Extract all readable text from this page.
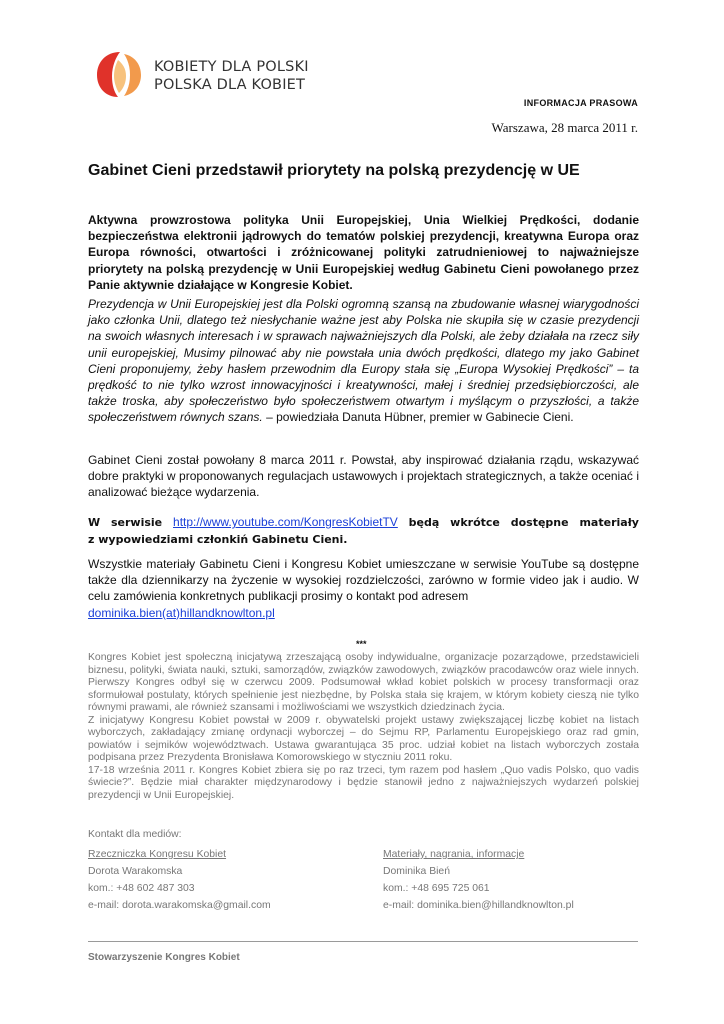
KOBIETY DLA POLSKI
POLSKA DLA KOBIET
INFORMACJA PRASOWA
Warszawa, 28 marca 2011 r.
Gabinet Cieni przedstawił priorytety na polską prezydencję w UE
Aktywna prowzrostowa polityka Unii Europejskiej, Unia Wielkiej Prędkości, dodanie bezpieczeństwa elektronii jądrowych do tematów polskiej prezydencji, kreatywna Europa oraz Europa równości, otwartości i zróżnicowanej polityki zatrudnieniowej to najważniejsze priorytety na polską prezydencję w Unii Europejskiej według Gabinetu Cieni powołanego przez Panie aktywnie działające w Kongresie Kobiet.
Prezydencja w Unii Europejskiej jest dla Polski ogromną szansą na zbudowanie własnej wiarygodności jako członka Unii, dlatego też niesłychanie ważne jest aby Polska nie skupiła się w czasie prezydencji na swoich własnych interesach i w sprawach najważniejszych dla Polski, ale żeby działała na rzecz siły unii europejskiej, Musimy pilnować aby nie powstała unia dwóch prędkości, dlatego my jako Gabinet Cieni proponujemy, żeby hasłem przewodnim dla Europy stała się „Europa Wysokiej Prędkości” – ta prędkość to nie tylko wzrost innowacyjności i kreatywności, małej i średniej przedsiębiorczości, ale także troska, aby społeczeństwo było społeczeństwem otwartym i myślącym o przyszłości, a także społeczeństwem równych szans. – powiedziała Danuta Hübner, premier w Gabinecie Cieni.
Gabinet Cieni został powołany 8 marca 2011 r. Powstał, aby inspirować działania rządu, wskazywać dobre praktyki w proponowanych regulacjach ustawowych i projektach strategicznych, a także oceniać i analizować bieżące wydarzenia.
W serwisie http://www.youtube.com/KongresKobietTV będą wkrótce dostępne materiały
z wypowiedziami członkiń Gabinetu Cieni.
Wszystkie materiały Gabinetu Cieni i Kongresu Kobiet umieszczane w serwisie YouTube są dostępne także dla dziennikarzy na życzenie w wysokiej rozdzielczości, zarówno w formie video jak i audio. W celu zamówienia konkretnych publikacji prosimy o kontakt pod adresem
dominika.bien(at)hillandknowlton.pl
***

Kongres Kobiet jest społeczną inicjatywą zrzeszającą osoby indywidualne, organizacje pozarządowe, przedstawicieli biznesu, polityki, świata nauki, sztuki, samorządów, związków zawodowych, związków pracodawców oraz wiele innych. Pierwszy Kongres odbył się w czerwcu 2009. Podsumował wkład kobiet polskich w procesy transformacji oraz sformułował postulaty, których spełnienie jest niezbędne, by Polska stała się krajem, w którym kobiety cieszą nie tylko równymi prawami, ale również szansami i możliwościami we wszystkich dziedzinach życia.

Z inicjatywy Kongresu Kobiet powstał w 2009 r. obywatelski projekt ustawy zwiększającej liczbę kobiet na listach wyborczych, zakładający zmianę ordynacji wyborczej – do Sejmu RP, Parlamentu Europejskiego oraz rad gmin, powiatów i sejmików województwach. Ustawa gwarantująca 35 proc. udział kobiet na listach wyborczych została podpisana przez Prezydenta Bronisława Komorowskiego w styczniu 2011 roku.

17-18 września 2011 r. Kongres Kobiet zbiera się po raz trzeci, tym razem pod hasłem „Quo vadis Polsko, quo vadis świecie?”. Będzie miał charakter międzynarodowy i będzie stanowił jedno z najważniejszych wydarzeń polskiej prezydencji w Unii Europejskiej.

Kontakt dla mediów:
Rzeczniczka Kongresu Kobiet
Dorota Warakomska
kom.: +48 602 487 303
e-mail: dorota.warakomska@gmail.com
Materiały, nagrania, informacje
Dominika Bień
kom.: +48 695 725 061
e-mail: dominika.bien@hillandknowlton.pl
Stowarzyszenie Kongres Kobiet
